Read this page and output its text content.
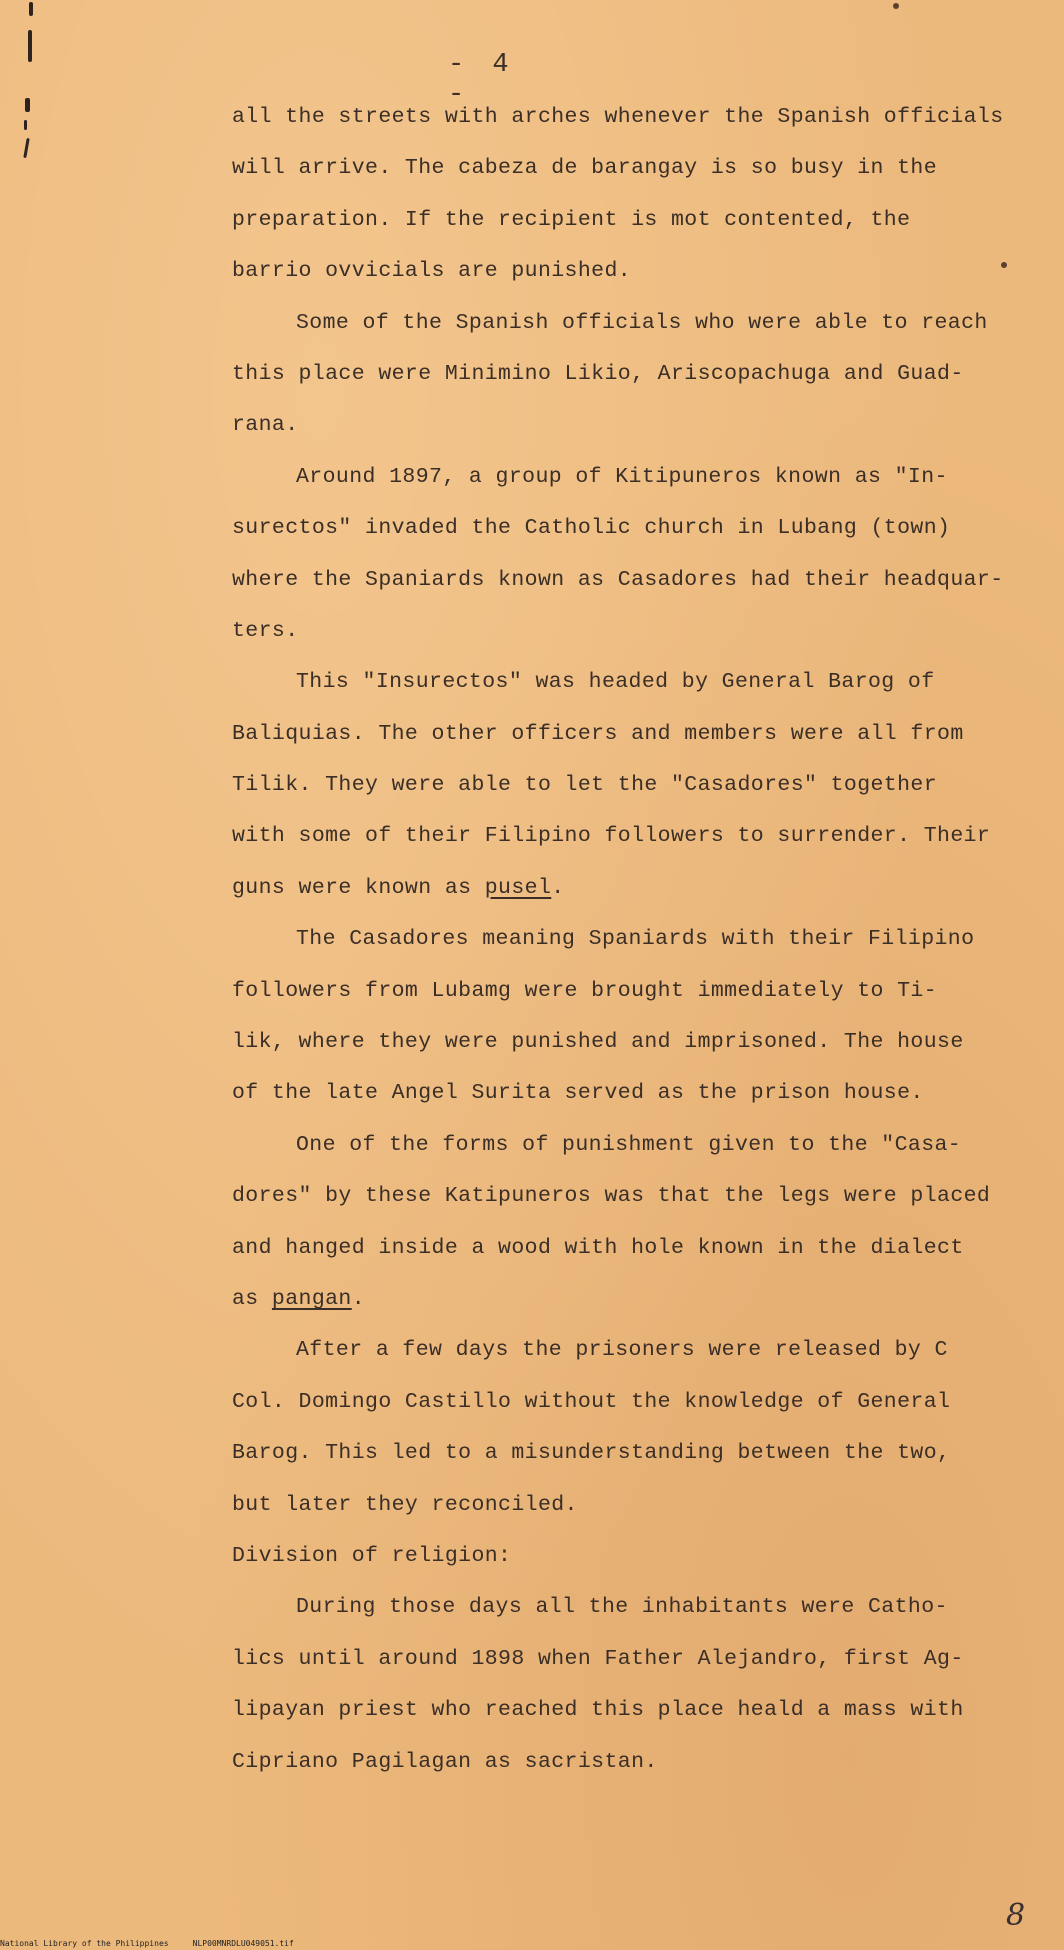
- 4 -
all the streets with arches whenever the Spanish officials
will arrive. The cabeza de barangay is so busy in the
preparation. If the recipient is mot contented, the
barrio ovvicials are punished.
Some of the Spanish officials who were able to reach
this place were Minimino Likio, Ariscopachuga and Guad-
rana.
Around 1897, a group of Kitipuneros known as "In-
surectos" invaded the Catholic church in Lubang (town)
where the Spaniards known as Casadores had their headquar-
ters.
This "Insurectos" was headed by General Barog of
Baliquias. The other officers and members were all from
Tilik. They were able to let the "Casadores" together
with some of their Filipino followers to surrender. Their
guns were known as pusel.
The Casadores meaning Spaniards with their Filipino
followers from Lubamg were brought immediately to Ti-
lik, where they were punished and imprisoned. The house
of the late Angel Surita served as the prison house.
One of the forms of punishment given to the "Casa-
dores" by these Katipuneros was that the legs were placed
and hanged inside a wood with hole known in the dialect
as pangan.
After a few days the prisoners were released by C
Col. Domingo Castillo without the knowledge of General
Barog. This led to a misunderstanding between the two,
but later they reconciled.
Division of religion:
During those days all the inhabitants were Catho-
lics until around 1898 when Father Alejandro, first Ag-
lipayan priest who reached this place heald a mass with
Cipriano Pagilagan as sacristan.
National Library of the Philippines     NLP00MNRDLU049051.tif
8
